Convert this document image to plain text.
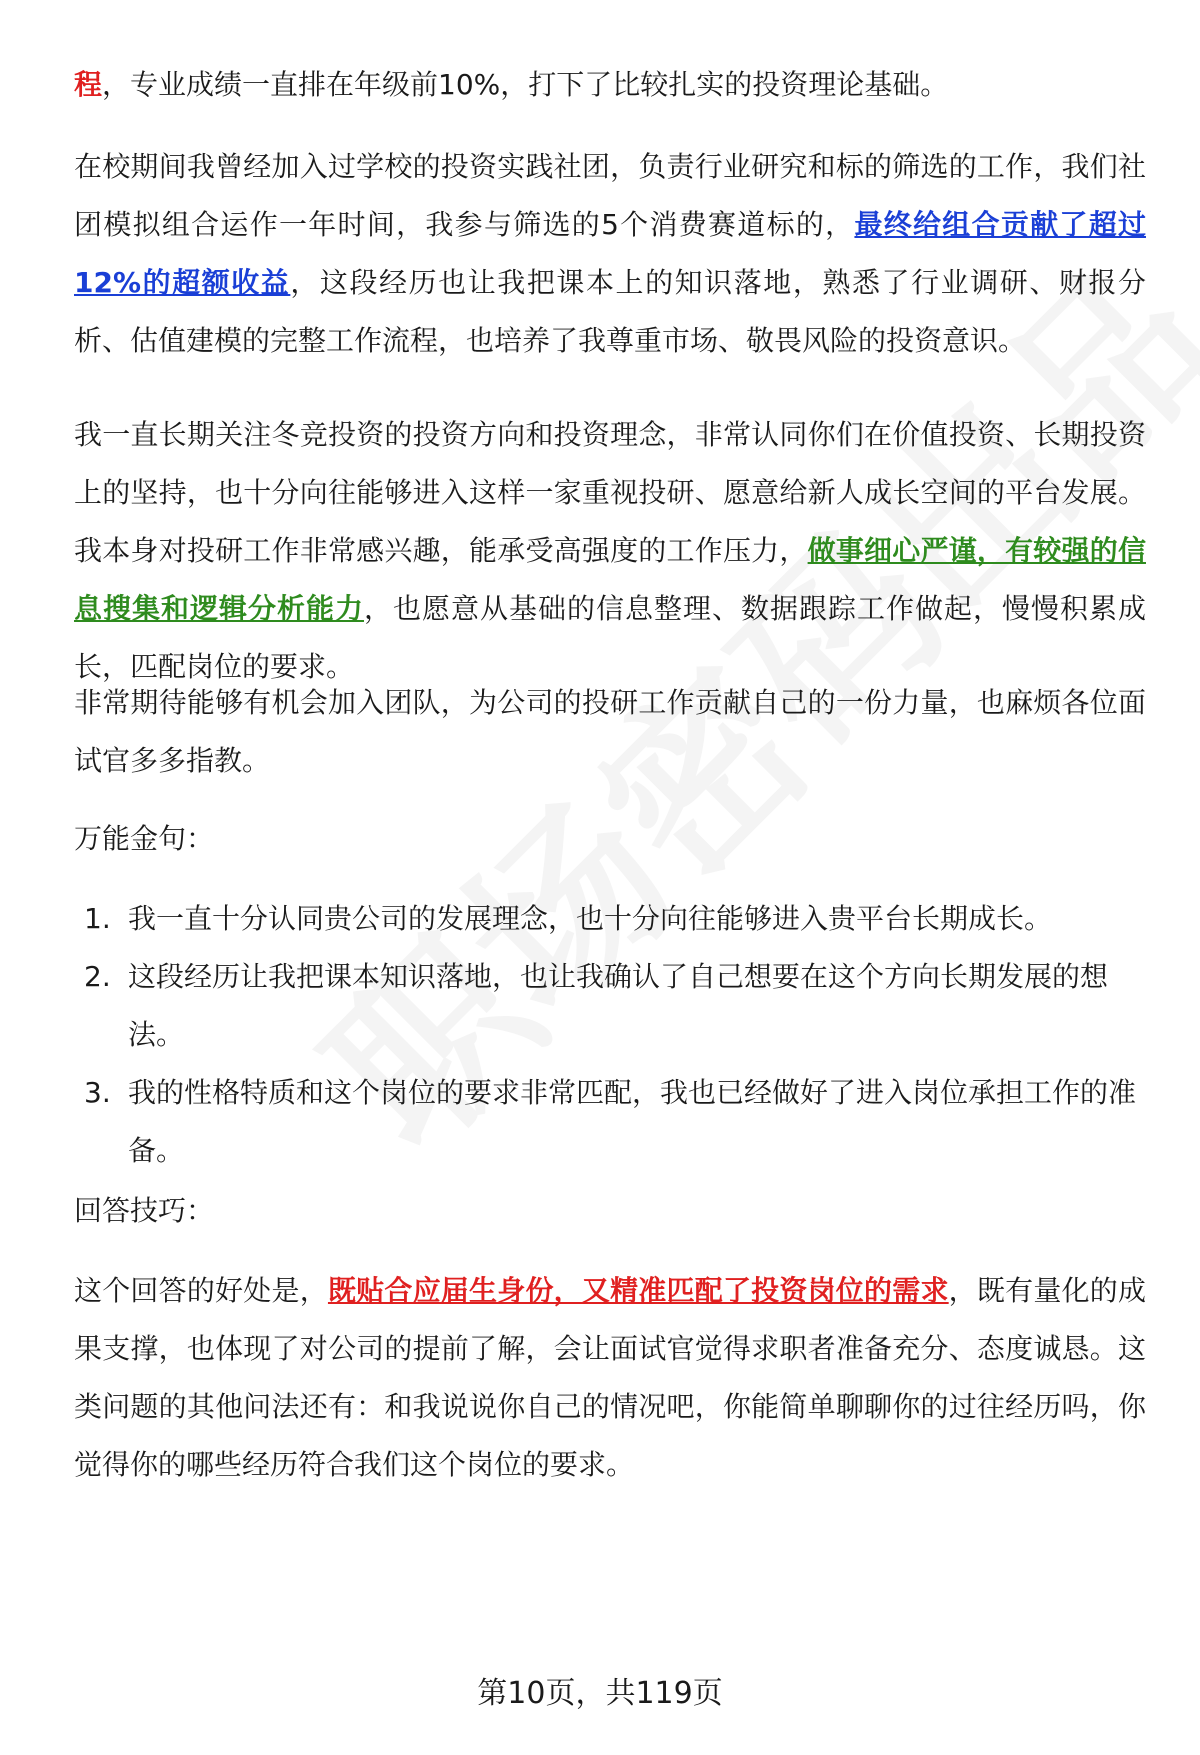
程，专业成绩一直排在年级前10%，打下了比较扎实的投资理论基础。

在校期间我曾经加入过学校的投资实践社团，负责行业研究和标的筛选的工作，我们社团模拟组合运作一年时间，我参与筛选的5个消费赛道标的，最终给组合贡献了超过12%的超额收益，这段经历也让我把课本上的知识落地，熟悉了行业调研、财报分析、估值建模的完整工作流程，也培养了我尊重市场、敬畏风险的投资意识。

我一直长期关注冬竞投资的投资方向和投资理念，非常认同你们在价值投资、长期投资上的坚持，也十分向往能够进入这样一家重视投研、愿意给新人成长空间的平台发展。我本身对投研工作非常感兴趣，能承受高强度的工作压力，做事细心严谨，有较强的信息搜集和逻辑分析能力，也愿意从基础的信息整理、数据跟踪工作做起，慢慢积累成长，匹配岗位的要求。

非常期待能够有机会加入团队，为公司的投研工作贡献自己的一份力量，也麻烦各位面试官多多指教。

万能金句：

1. 我一直十分认同贵公司的发展理念，也十分向往能够进入贵平台长期成长。
2. 这段经历让我把课本知识落地，也让我确认了自己想要在这个方向长期发展的想法。
3. 我的性格特质和这个岗位的要求非常匹配，我也已经做好了进入岗位承担工作的准备。

回答技巧：

这个回答的好处是，既贴合应届生身份，又精准匹配了投资岗位的需求，既有量化的成果支撑，也体现了对公司的提前了解，会让面试官觉得求职者准备充分、态度诚恳。这类问题的其他问法还有：和我说说你自己的情况吧，你能简单聊聊你的过往经历吗，你觉得你的哪些经历符合我们这个岗位的要求。

第10页，共119页
